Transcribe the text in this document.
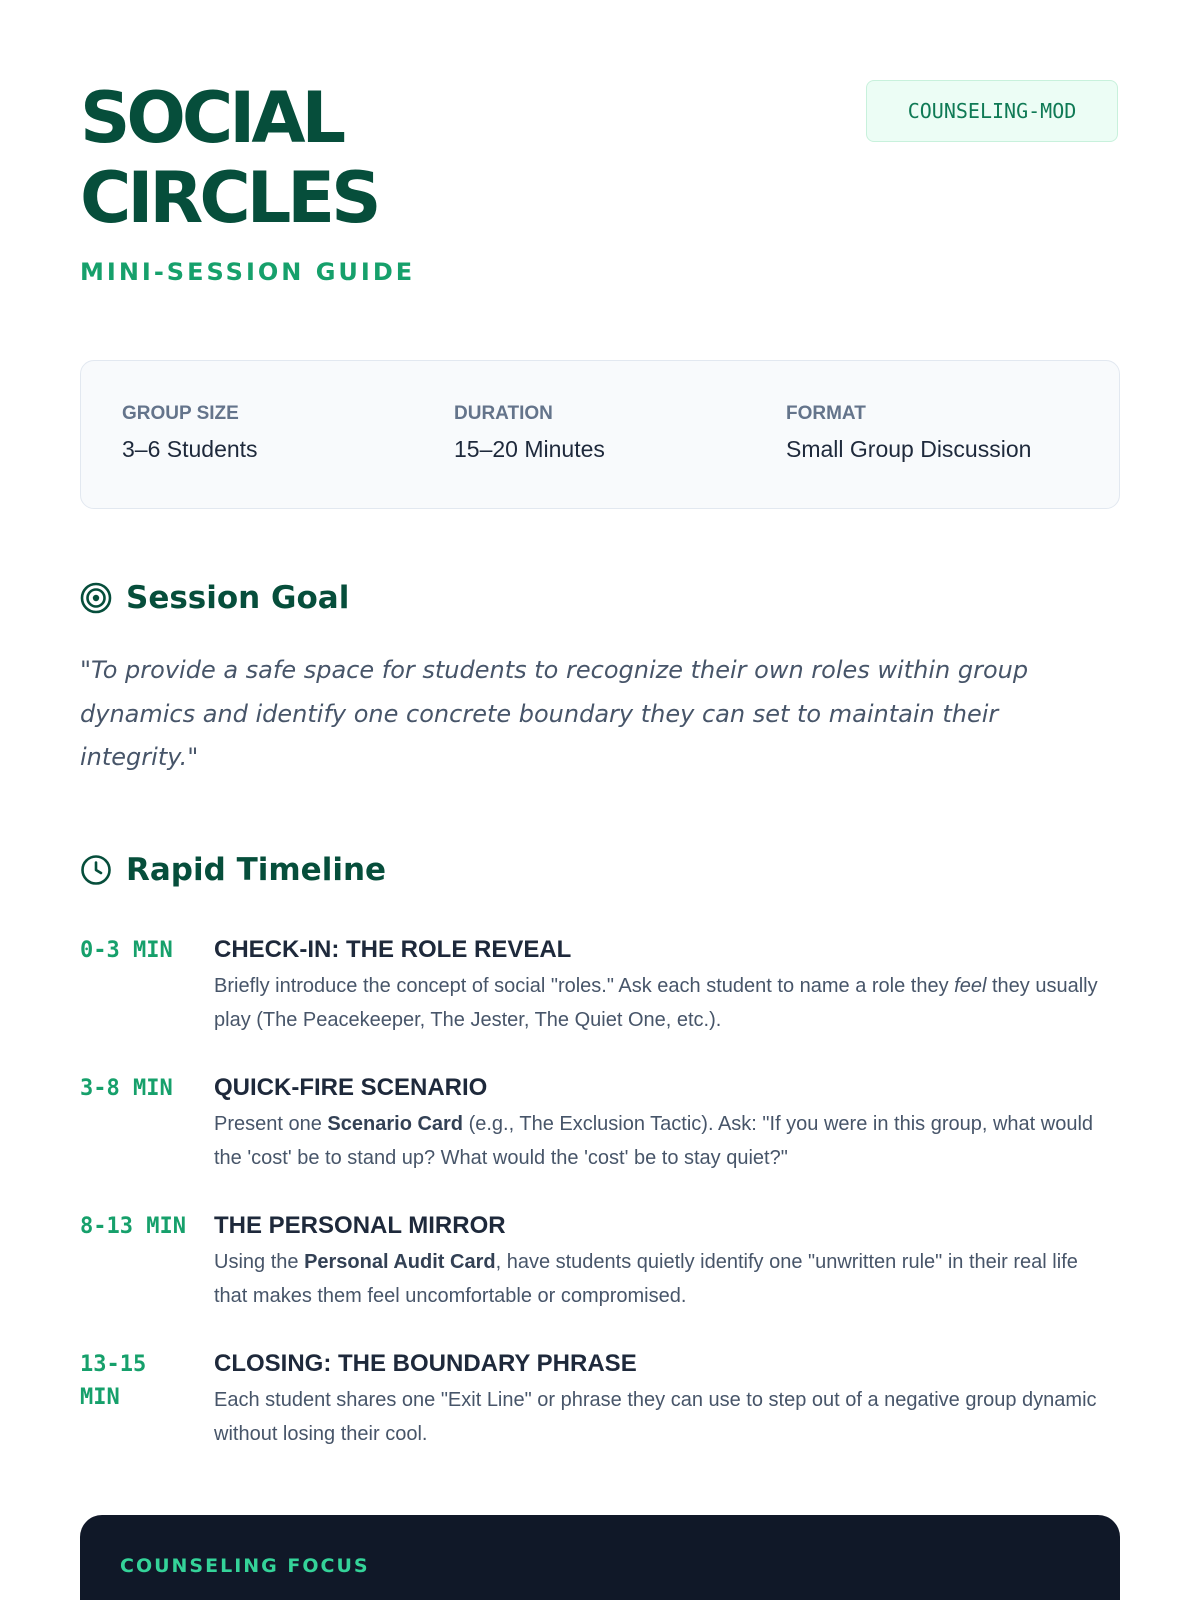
SOCIAL
CIRCLES
MINI-SESSION GUIDE
COUNSELING-MOD
GROUP SIZE
3–6 Students
DURATION
15–20 Minutes
FORMAT
Small Group Discussion
Session Goal

"To provide a safe space for students to recognize their own roles within group dynamics and identify one concrete boundary they can set to maintain their integrity."

Rapid Timeline
0-3 MIN	CHECK-IN: THE ROLE REVEAL

Briefly introduce the concept of social "roles." Ask each student to name a role they feel they usually play (The Peacekeeper, The Jester, The Quiet One, etc.).

3-8 MIN	QUICK-FIRE SCENARIO

Present one Scenario Card (e.g., The Exclusion Tactic). Ask: "If you were in this group, what would the 'cost' be to stand up? What would the 'cost' be to stay quiet?"

8-13 MIN THE PERSONAL MIRROR

Using the Personal Audit Card, have students quietly identify one "unwritten rule" in their real life that makes them feel uncomfortable or compromised.

13-15 MIN
CLOSING: THE BOUNDARY PHRASE

Each student shares one "Exit Line" or phrase they can use to step out of a negative group dynamic without losing their cool.

COUNSELING FOCUS
